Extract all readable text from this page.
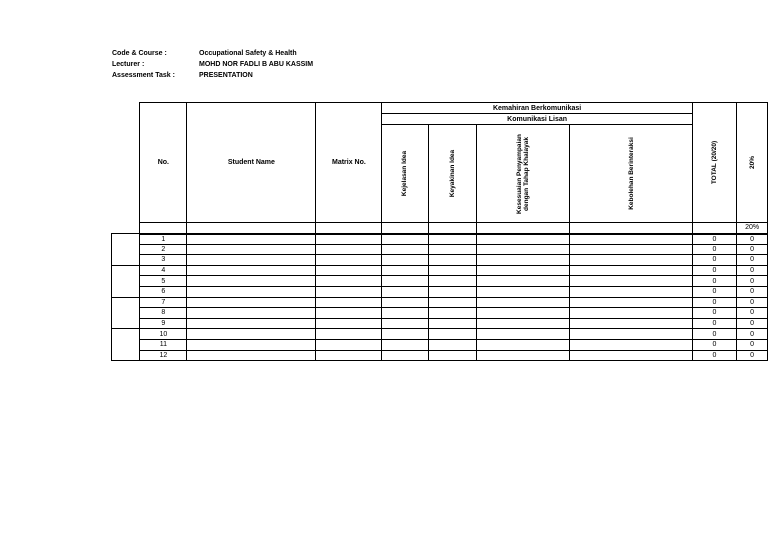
Code & Course :	Occupational Safety & Health
Lecturer :	MOHD NOR FADLI B ABU KASSIM
Assessment Task :	PRESENTATION
	No.	Student Name	Matrix No.	Kemahiran Berkomunikasi				TOTAL (20/20)	20%
				Komunikasi Lisan					
				Kejelasan Idea	Keyakinan Idea	Kesesuaian Penyampaian dengan Tahap Khalayak	Kebolehan Berinteraksi		
									20%
	1							0	0
	2							0	0
	3							0	0
	4							0	0
	5							0	0
	6							0	0
	7							0	0
	8							0	0
	9							0	0
	10							0	0
	11							0	0
	12							0	0
